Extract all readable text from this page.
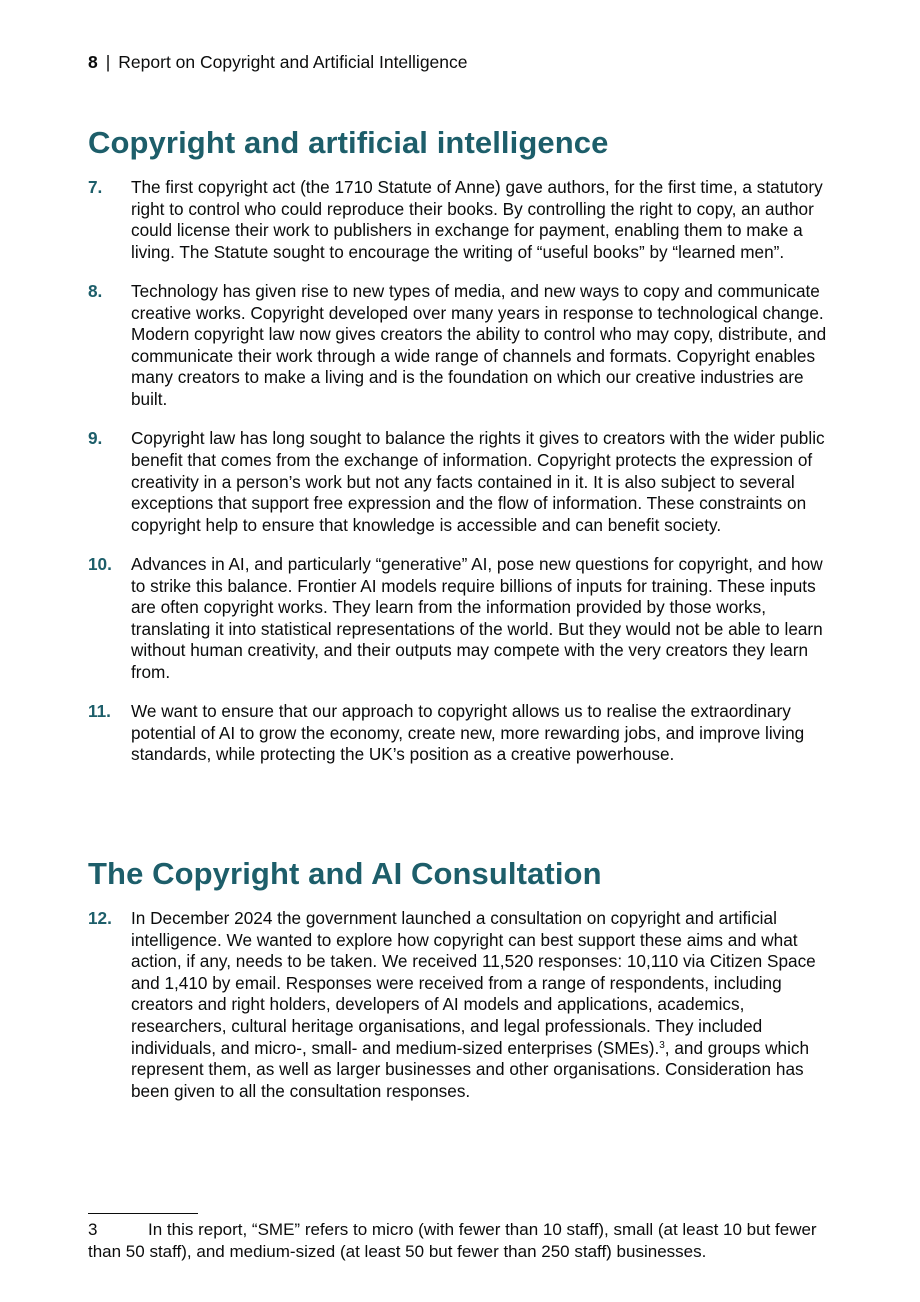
8 | Report on Copyright and Artificial Intelligence
Copyright and artificial intelligence
7. The first copyright act (the 1710 Statute of Anne) gave authors, for the first time, a statutory right to control who could reproduce their books. By controlling the right to copy, an author could license their work to publishers in exchange for payment, enabling them to make a living. The Statute sought to encourage the writing of “useful books” by “learned men”.
8. Technology has given rise to new types of media, and new ways to copy and communicate creative works. Copyright developed over many years in response to technological change. Modern copyright law now gives creators the ability to control who may copy, distribute, and communicate their work through a wide range of channels and formats. Copyright enables many creators to make a living and is the foundation on which our creative industries are built.
9. Copyright law has long sought to balance the rights it gives to creators with the wider public benefit that comes from the exchange of information. Copyright protects the expression of creativity in a person’s work but not any facts contained in it. It is also subject to several exceptions that support free expression and the flow of information. These constraints on copyright help to ensure that knowledge is accessible and can benefit society.
10. Advances in AI, and particularly “generative” AI, pose new questions for copyright, and how to strike this balance. Frontier AI models require billions of inputs for training. These inputs are often copyright works. They learn from the information provided by those works, translating it into statistical representations of the world. But they would not be able to learn without human creativity, and their outputs may compete with the very creators they learn from.
11. We want to ensure that our approach to copyright allows us to realise the extraordinary potential of AI to grow the economy, create new, more rewarding jobs, and improve living standards, while protecting the UK’s position as a creative powerhouse.
The Copyright and AI Consultation
12. In December 2024 the government launched a consultation on copyright and artificial intelligence. We wanted to explore how copyright can best support these aims and what action, if any, needs to be taken. We received 11,520 responses: 10,110 via Citizen Space and 1,410 by email. Responses were received from a range of respondents, including creators and right holders, developers of AI models and applications, academics, researchers, cultural heritage organisations, and legal professionals. They included individuals, and micro-, small- and medium-sized enterprises (SMEs).$^3$, and groups which represent them, as well as larger businesses and other organisations. Consideration has been given to all the consultation responses.
3	In this report, “SME” refers to micro (with fewer than 10 staff), small (at least 10 but fewer than 50 staff), and medium-sized (at least 50 but fewer than 250 staff) businesses.
